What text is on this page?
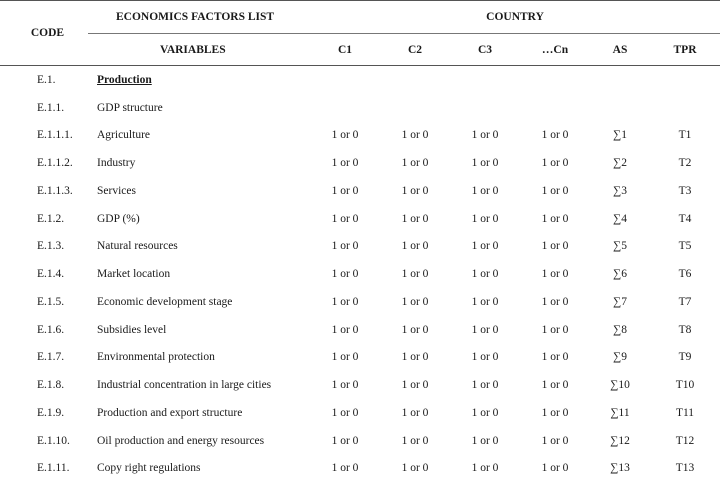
CODE	ECONOMICS FACTORS LIST	COUNTRY					
	VARIABLES	C1	C2	C3	…Cn	AS	TPR
E.1.	Production						
E.1.1.	GDP structure						
E.1.1.1.	Agriculture	1 or 0	1 or 0	1 or 0	1 or 0	∑1	T1
E.1.1.2.	Industry	1 or 0	1 or 0	1 or 0	1 or 0	∑2	T2
E.1.1.3.	Services	1 or 0	1 or 0	1 or 0	1 or 0	∑3	T3
E.1.2.	GDP (%)	1 or 0	1 or 0	1 or 0	1 or 0	∑4	T4
E.1.3.	Natural resources	1 or 0	1 or 0	1 or 0	1 or 0	∑5	T5
E.1.4.	Market location	1 or 0	1 or 0	1 or 0	1 or 0	∑6	T6
E.1.5.	Economic development stage	1 or 0	1 or 0	1 or 0	1 or 0	∑7	T7
E.1.6.	Subsidies level	1 or 0	1 or 0	1 or 0	1 or 0	∑8	T8
E.1.7.	Environmental protection	1 or 0	1 or 0	1 or 0	1 or 0	∑9	T9
E.1.8.	Industrial concentration in large cities	1 or 0	1 or 0	1 or 0	1 or 0	∑10	T10
E.1.9.	Production and export structure	1 or 0	1 or 0	1 or 0	1 or 0	∑11	T11
E.1.10.	Oil production and energy resources	1 or 0	1 or 0	1 or 0	1 or 0	∑12	T12
E.1.11.	Copy right regulations	1 or 0	1 or 0	1 or 0	1 or 0	∑13	T13
